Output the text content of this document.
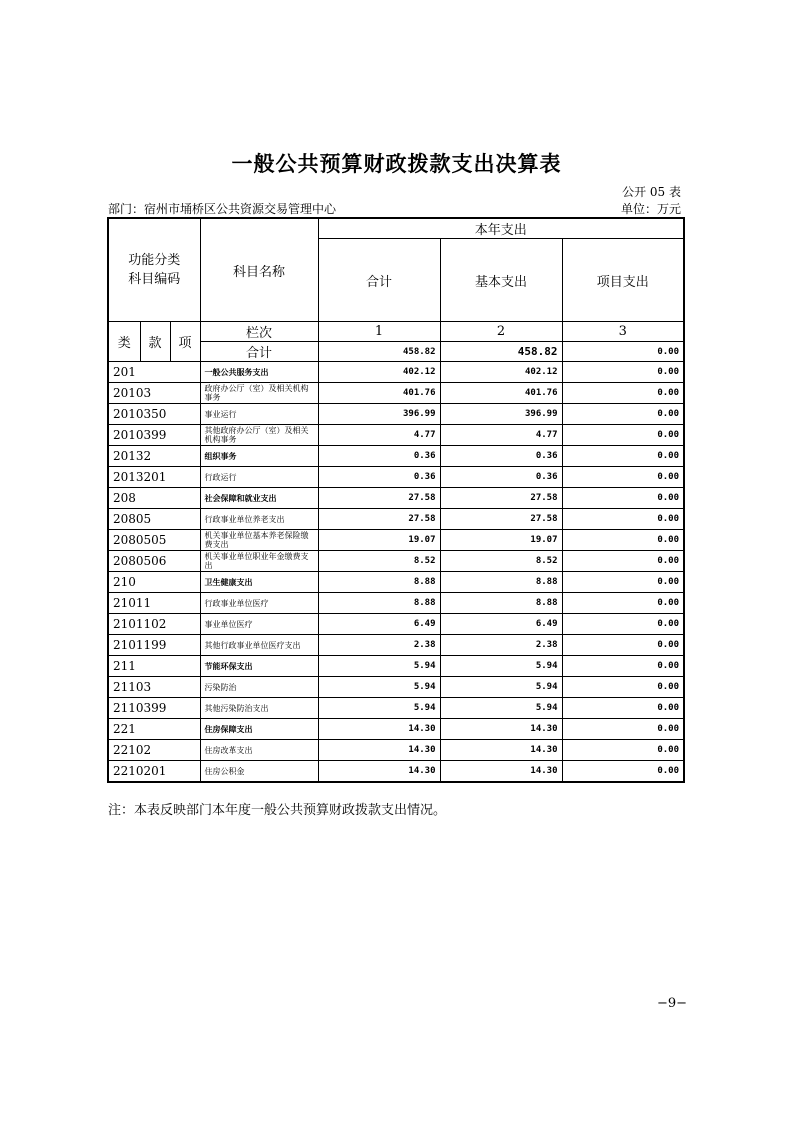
一般公共预算财政拨款支出决算表
公开 05 表
部门：宿州市埇桥区公共资源交易管理中心	单位：万元
功能分类
科目编码			科目名称	本年支出		
				合计	基本支出	项目支出
类	款	项	栏次	1	2	3
			合计	458.82	458.82	0.00
201			一般公共服务支出	402.12	402.12	0.00
20103			政府办公厅（室）及相关机构事务	401.76	401.76	0.00
2010350			事业运行	396.99	396.99	0.00
2010399			其他政府办公厅（室）及相关机构事务	4.77	4.77	0.00
20132			组织事务	0.36	0.36	0.00
2013201			行政运行	0.36	0.36	0.00
208			社会保障和就业支出	27.58	27.58	0.00
20805			行政事业单位养老支出	27.58	27.58	0.00
2080505			机关事业单位基本养老保险缴费支出	19.07	19.07	0.00
2080506			机关事业单位职业年金缴费支出	8.52	8.52	0.00
210			卫生健康支出	8.88	8.88	0.00
21011			行政事业单位医疗	8.88	8.88	0.00
2101102			事业单位医疗	6.49	6.49	0.00
2101199			其他行政事业单位医疗支出	2.38	2.38	0.00
211			节能环保支出	5.94	5.94	0.00
21103			污染防治	5.94	5.94	0.00
2110399			其他污染防治支出	5.94	5.94	0.00
221			住房保障支出	14.30	14.30	0.00
22102			住房改革支出	14.30	14.30	0.00
2210201			住房公积金	14.30	14.30	0.00
注：本表反映部门本年度一般公共预算财政拨款支出情况。
−9−
